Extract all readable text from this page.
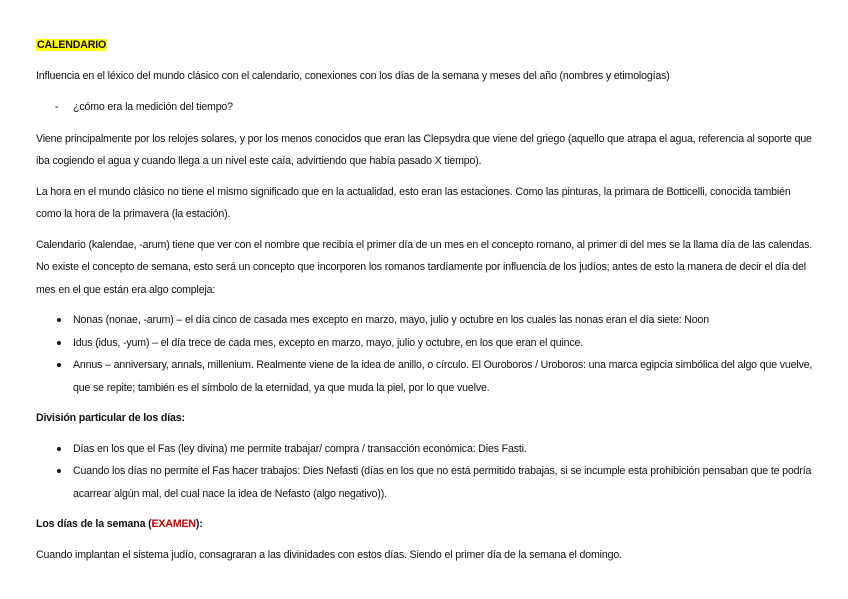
CALENDARIO

Influencia en el léxico del mundo clásico con el calendario, conexiones con los días de la semana y meses del año (nombres y etimologías)

- ¿cómo era la medición del tiempo?

Viene principalmente por los relojes solares, y por los menos conocidos que eran las Clepsydra que viene del griego (aquello que atrapa el agua, referencia al soporte que iba cogiendo el agua y cuando llega a un nivel este caía, advirtiendo que había pasado X tiempo).

La hora en el mundo clásico no tiene el mismo significado que en la actualidad, esto eran las estaciones. Como las pinturas, la primara de Botticelli, conocida también como la hora de la primavera (la estación).

Calendario (kalendae, -arum) tiene que ver con el nombre que recibía el primer día de un mes en el concepto romano, al primer di del mes se la llama día de las calendas. No existe el concepto de semana, esto será un concepto que incorporen los romanos tardíamente por influencia de los judíos; antes de esto la manera de decir el día del mes en el que están era algo compleja:

Nonas (nonae, -arum) – el día cinco de casada mes excepto en marzo, mayo, julio y octubre en los cuales las nonas eran el día siete: Noon
Idus (idus, -yum) – el día trece de cada mes, excepto en marzo, mayo, julio y octubre, en los que eran el quince.
Annus – anniversary, annals, millenium. Realmente viene de la idea de anillo, o círculo. El Ouroboros / Uroboros: una marca egipcia simbólica del algo que vuelve, que se repite; también es el símbolo de la eternidad, ya que muda la piel, por lo que vuelve.

División particular de los días:

Días en los que el Fas (ley divina) me permite trabajar/ compra / transacción económica: Dies Fasti.
Cuando los días no permite el Fas hacer trabajos: Dies Nefasti (días en los que no está permitido trabajas, si se incumple esta prohibición pensaban que te podría acarrear algún mal, del cual nace la idea de Nefasto (algo negativo)).

Los días de la semana (EXAMEN):

Cuando implantan el sistema judío, consagraran a las divinidades con estos días. Siendo el primer día de la semana el domingo.
